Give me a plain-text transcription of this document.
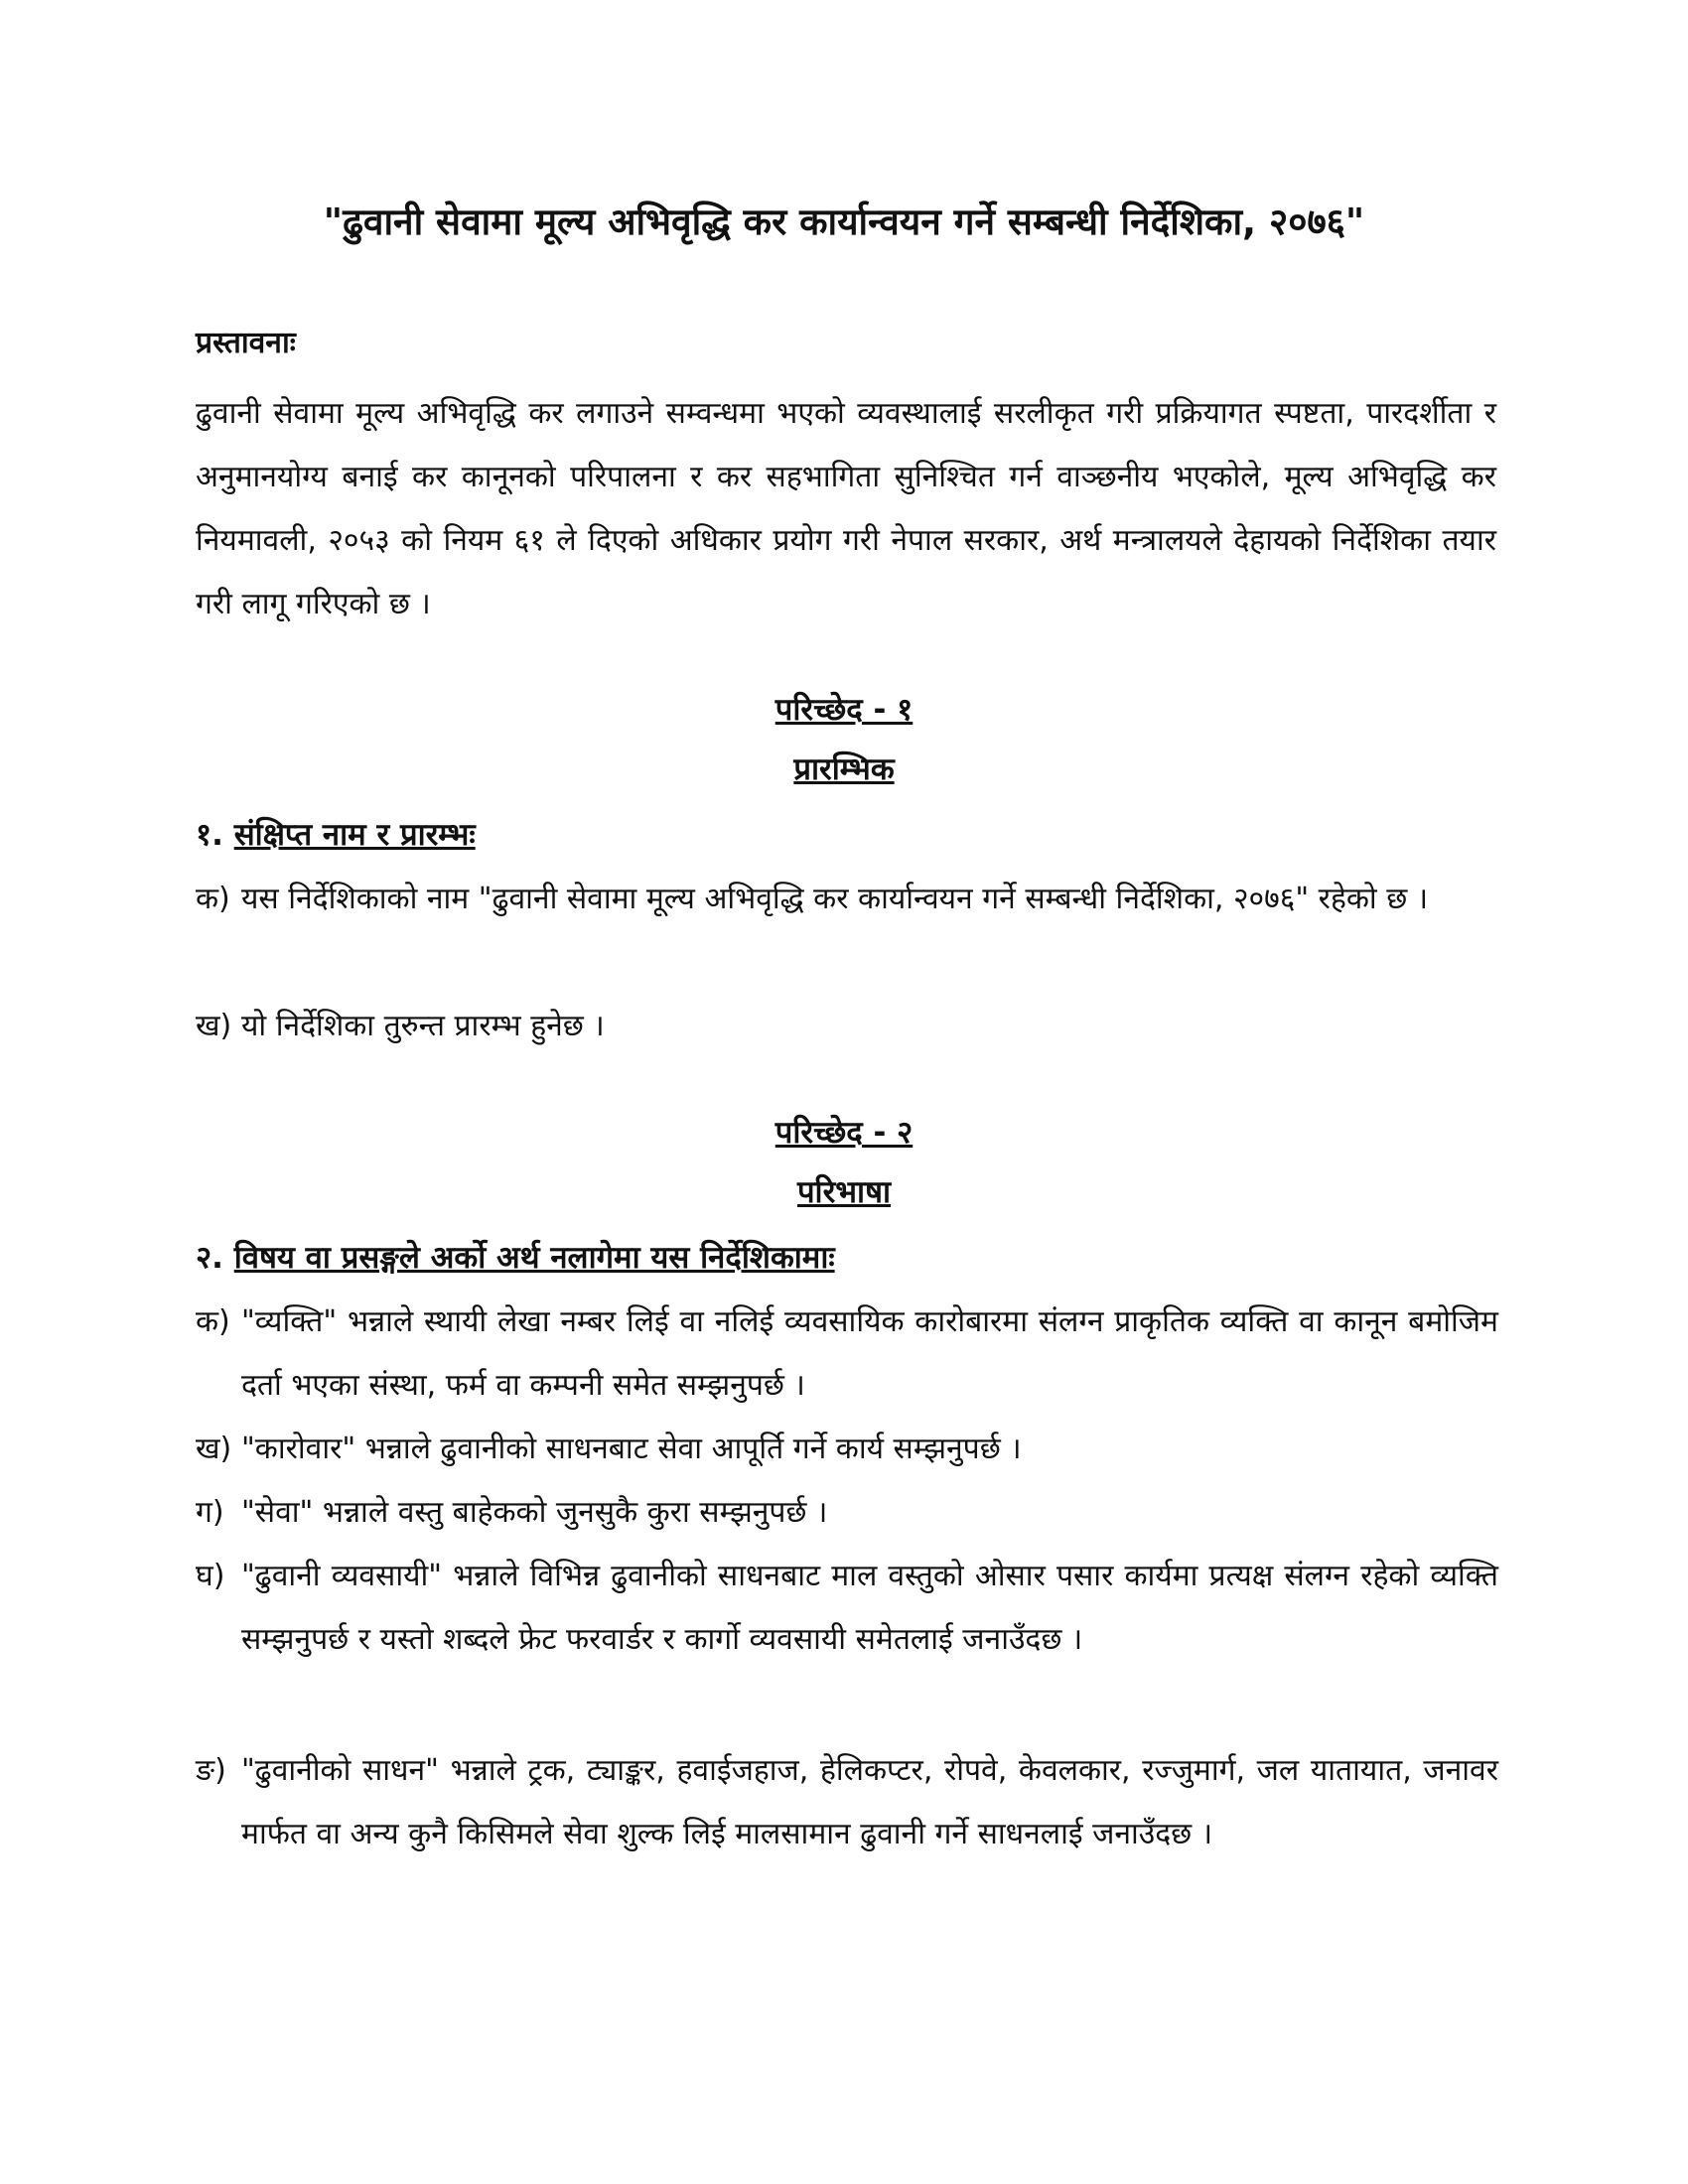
"ढुवानी सेवामा मूल्य अभिवृद्धि कर कार्यान्वयन गर्ने सम्बन्धी निर्देशिका, २०७६"
प्रस्तावनाः
ढुवानी सेवामा मूल्य अभिवृद्धि कर लगाउने सम्वन्धमा भएको व्यवस्थालाई सरलीकृत गरी प्रक्रियागत स्पष्टता, पारदर्शीता र अनुमानयोग्य बनाई कर कानूनको परिपालना र कर सहभागिता सुनिश्चित गर्न वाञ्छनीय भएकोले, मूल्य अभिवृद्धि कर नियमावली, २०५३ को नियम ६१ ले दिएको अधिकार प्रयोग गरी नेपाल सरकार, अर्थ मन्त्रालयले देहायको निर्देशिका तयार गरी लागू गरिएको छ ।
परिच्छेद - १
प्रारम्भिक
१. संक्षिप्त नाम र प्रारम्भः
क) यस निर्देशिकाको नाम "ढुवानी सेवामा मूल्य अभिवृद्धि कर कार्यान्वयन गर्ने सम्बन्धी निर्देशिका, २०७६" रहेको छ ।
ख) यो निर्देशिका तुरुन्त प्रारम्भ हुनेछ ।
परिच्छेद - २
परिभाषा
२. विषय वा प्रसङ्गले अर्को अर्थ नलागेमा यस निर्देशिकामाः
क) "व्यक्ति" भन्नाले स्थायी लेखा नम्बर लिई वा नलिई व्यवसायिक कारोबारमा संलग्न प्राकृतिक व्यक्ति वा कानून बमोजिम दर्ता भएका संस्था, फर्म वा कम्पनी समेत सम्झनुपर्छ ।
ख) "कारोवार" भन्नाले ढुवानीको साधनबाट सेवा आपूर्ति गर्ने कार्य सम्झनुपर्छ ।
ग) "सेवा" भन्नाले वस्तु बाहेकको जुनसुकै कुरा सम्झनुपर्छ ।
घ) "ढुवानी व्यवसायी" भन्नाले विभिन्न ढुवानीको साधनबाट माल वस्तुको ओसार पसार कार्यमा प्रत्यक्ष संलग्न रहेको व्यक्ति सम्झनुपर्छ र यस्तो शब्दले फ्रेट फरवार्डर र कार्गो व्यवसायी समेतलाई जनाउँदछ ।
ङ) "ढुवानीको साधन" भन्नाले ट्रक, ट्याङ्कर, हवाईजहाज, हेलिकप्टर, रोपवे, केवलकार, रज्जुमार्ग, जल यातायात, जनावर मार्फत वा अन्य कुनै किसिमले सेवा शुल्क लिई मालसामान ढुवानी गर्ने साधनलाई जनाउँदछ ।
